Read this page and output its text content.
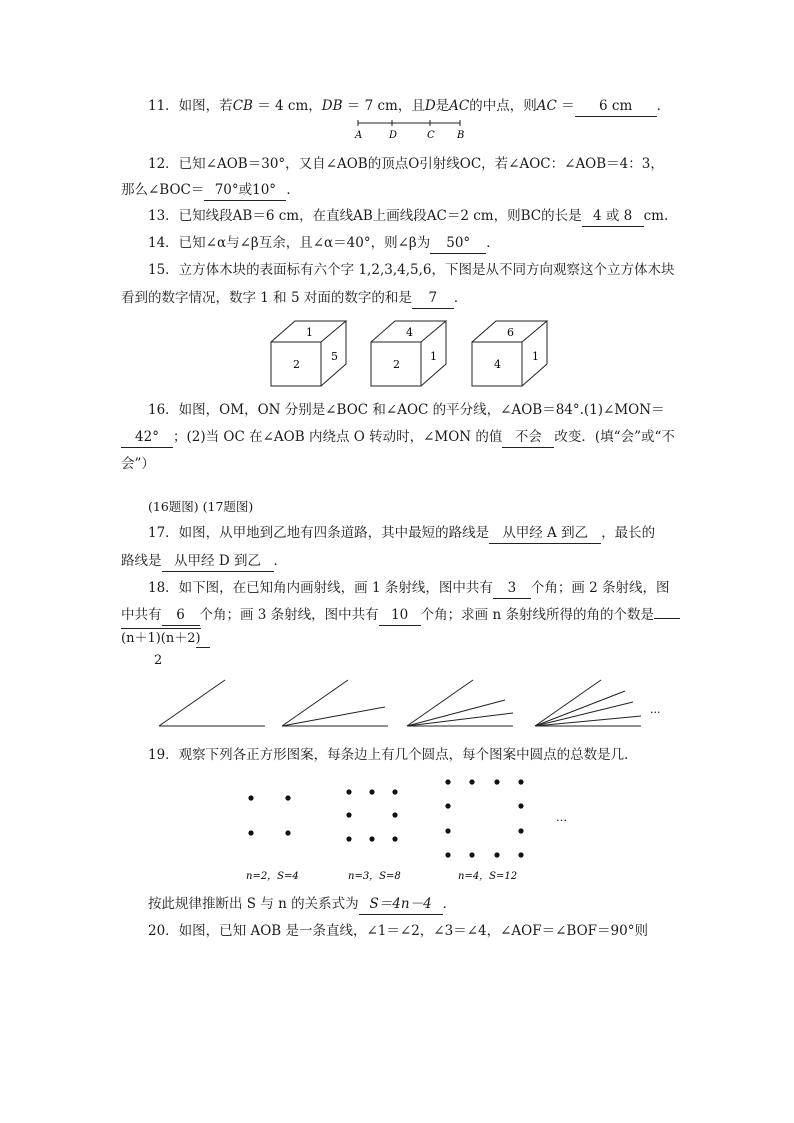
11．如图，若CB ＝ 4 cm，DB ＝ 7 cm，且D是AC的中点，则AC ＝ 6 cm ．
A	D	C B
12．已知∠AOB＝30°，又自∠AOB的顶点O引射线OC，若∠AOC：∠AOB＝4：3，
那么∠BOC＝ 70°或10° ．
13．已知线段AB＝6 cm，在直线AB上画线段AC＝2 cm，则BC的长是 4 或 8 cm.
14．已知∠α与∠β互余，且∠α＝40°，则∠β为 50° ．
15．立方体木块的表面标有六个字 1,2,3,4,5,6，下图是从不同方向观察这个立方体木块
看到的数字情况，数字 1 和 5 对面的数字的和是 7 ．
1
2
5
4
2
1
6
4
1
16．如图，OM，ON 分别是∠BOC 和∠AOC 的平分线，∠AOB＝84°.(1)∠MON＝
42° ；(2)当 OC 在∠AOB 内绕点 O 转动时，∠MON 的值 不会 改变．(填“会”或“不
会”）
(16题图) (17题图)
17．如图，从甲地到乙地有四条道路，其中最短的路线是 从甲经 A 到乙 ，最长的
路线是 从甲经 D 到乙 ．
18．如下图，在已知角内画射线，画 1 条射线，图中共有 3 个角；画 2 条射线，图
中共有 6 个角；画 3 条射线，图中共有 10 个角；求画 n 条射线所得的角的个数是
(n＋1)(n＋2)
2
...
19．观察下列各正方形图案，每条边上有几个圆点，每个图案中圆点的总数是几．
…
n=2，S=4	n=3，S=8	n=4，S=12
按此规律推断出 S 与 n 的关系式为 S＝4n－4 ．
20．如图，已知 AOB 是一条直线，∠1＝∠2，∠3＝∠4，∠AOF＝∠BOF＝90°则
